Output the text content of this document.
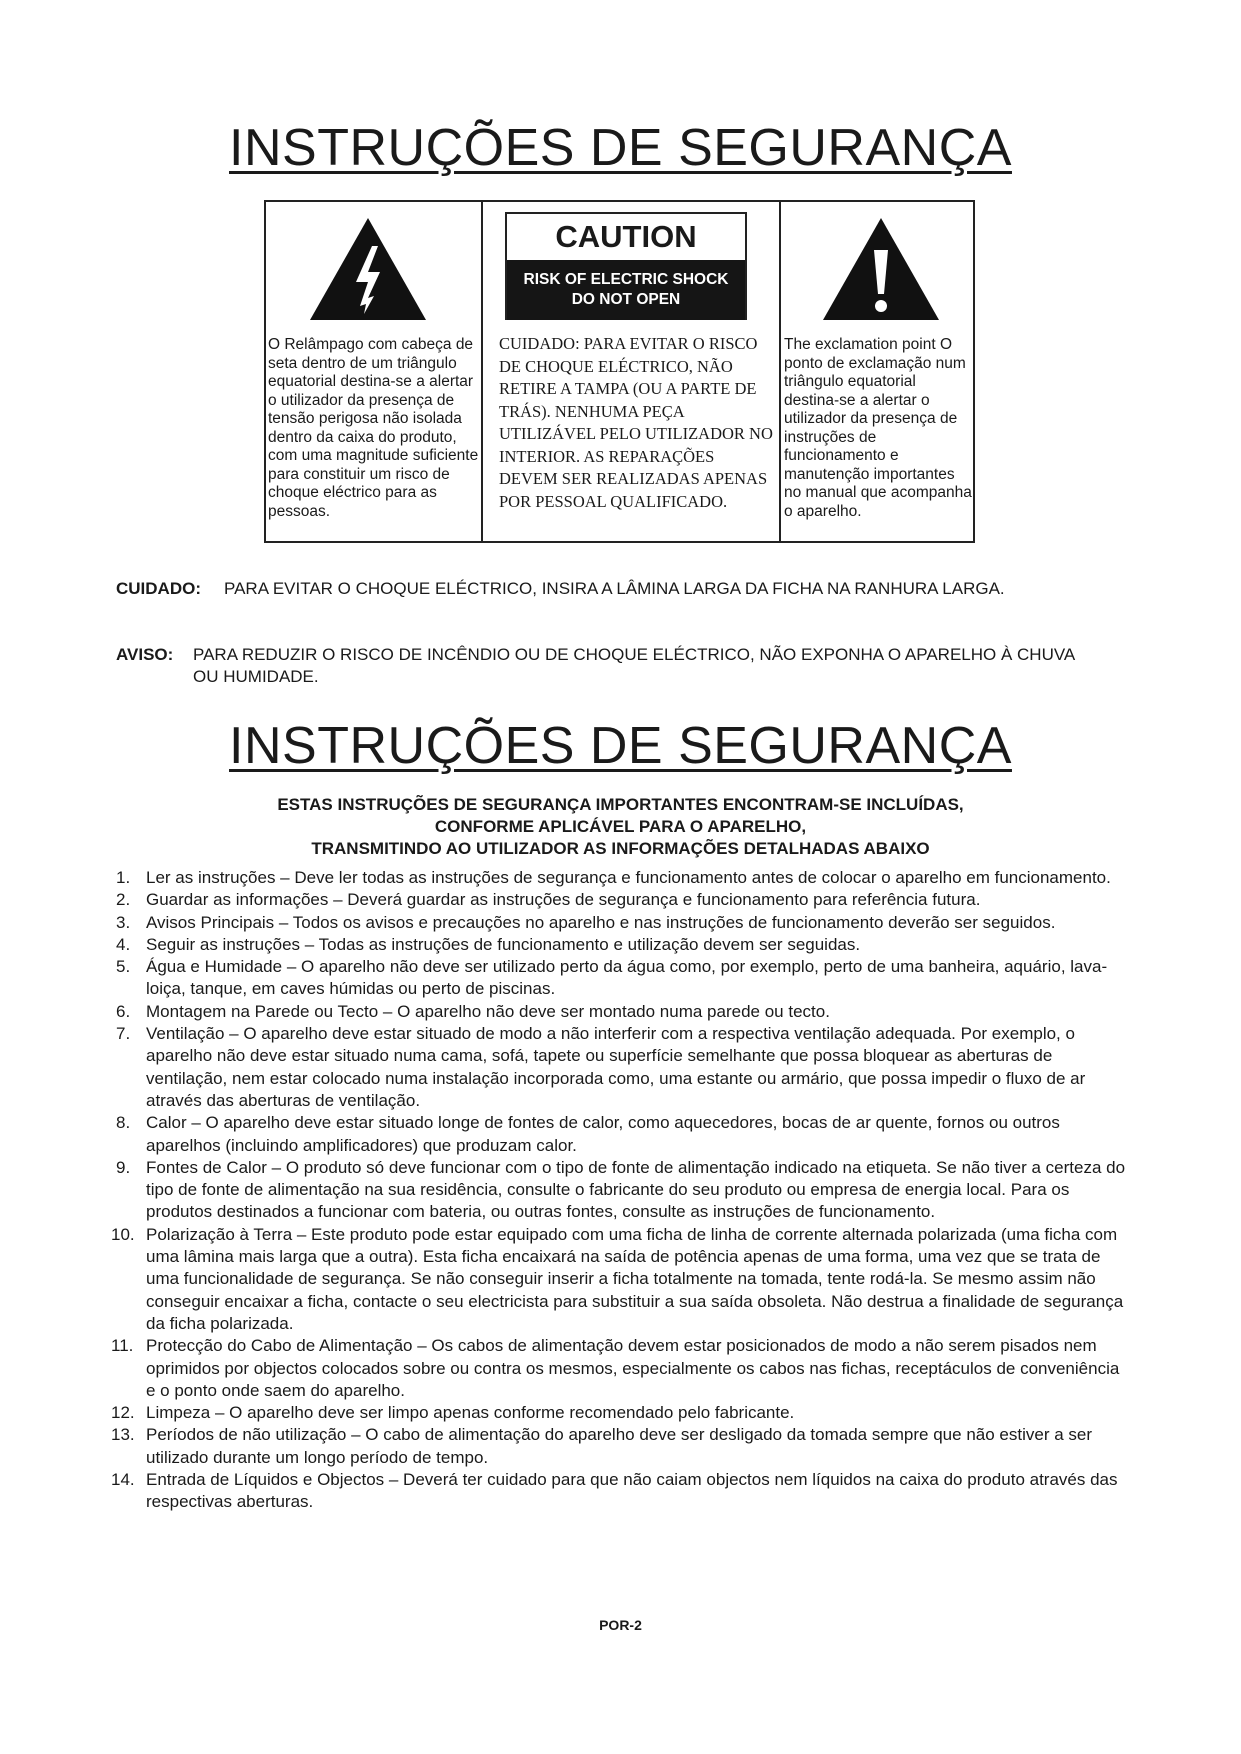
INSTRUÇÕES DE SEGURANÇA
O Relâmpago com cabeça de seta dentro de um triângulo equatorial destina-se a alertar o utilizador da presença de tensão perigosa não isolada dentro da caixa do produto, com uma magnitude suficiente para constituir um risco de choque eléctrico para as pessoas.
CAUTION
RISK OF ELECTRIC SHOCK
DO NOT OPEN
CUIDADO: PARA EVITAR O RISCO DE CHOQUE ELÉCTRICO, NÃO RETIRE A TAMPA (OU A PARTE DE TRÁS). NENHUMA PEÇA UTILIZÁVEL PELO UTILIZADOR NO INTERIOR. AS REPARAÇÕES DEVEM SER REALIZADAS APENAS POR PESSOAL QUALIFICADO.
The exclamation point O ponto de exclamação num triângulo equatorial destina-se a alertar o utilizador da presença de instruções de funcionamento e manutenção importantes no manual que acompanha o aparelho.
CUIDADO: PARA EVITAR O CHOQUE ELÉCTRICO, INSIRA A LÂMINA LARGA DA FICHA NA RANHURA LARGA.
AVISO: PARA REDUZIR O RISCO DE INCÊNDIO OU DE CHOQUE ELÉCTRICO, NÃO EXPONHA O APARELHO À CHUVA OU HUMIDADE.
INSTRUÇÕES DE SEGURANÇA
ESTAS INSTRUÇÕES DE SEGURANÇA IMPORTANTES ENCONTRAM-SE INCLUÍDAS,
CONFORME APLICÁVEL PARA O APARELHO,
TRANSMITINDO AO UTILIZADOR AS INFORMAÇÕES DETALHADAS ABAIXO
1. Ler as instruções – Deve ler todas as instruções de segurança e funcionamento antes de colocar o aparelho em funcionamento.
2. Guardar as informações – Deverá guardar as instruções de segurança e funcionamento para referência futura.
3. Avisos Principais – Todos os avisos e precauções no aparelho e nas instruções de funcionamento deverão ser seguidos.
4. Seguir as instruções – Todas as instruções de funcionamento e utilização devem ser seguidas.
5. Água e Humidade – O aparelho não deve ser utilizado perto da água como, por exemplo, perto de uma banheira, aquário, lava-loiça, tanque, em caves húmidas ou perto de piscinas.
6. Montagem na Parede ou Tecto – O aparelho não deve ser montado numa parede ou tecto.
7. Ventilação – O aparelho deve estar situado de modo a não interferir com a respectiva ventilação adequada. Por exemplo, o aparelho não deve estar situado numa cama, sofá, tapete ou superfície semelhante que possa bloquear as aberturas de ventilação, nem estar colocado numa instalação incorporada como, uma estante ou armário, que possa impedir o fluxo de ar através das aberturas de ventilação.
8. Calor – O aparelho deve estar situado longe de fontes de calor, como aquecedores, bocas de ar quente, fornos ou outros aparelhos (incluindo amplificadores) que produzam calor.
9. Fontes de Calor – O produto só deve funcionar com o tipo de fonte de alimentação indicado na etiqueta. Se não tiver a certeza do tipo de fonte de alimentação na sua residência, consulte o fabricante do seu produto ou empresa de energia local. Para os produtos destinados a funcionar com bateria, ou outras fontes, consulte as instruções de funcionamento.
10. Polarização à Terra – Este produto pode estar equipado com uma ficha de linha de corrente alternada polarizada (uma ficha com uma lâmina mais larga que a outra). Esta ficha encaixará na saída de potência apenas de uma forma, uma vez que se trata de uma funcionalidade de segurança. Se não conseguir inserir a ficha totalmente na tomada, tente rodá-la. Se mesmo assim não conseguir encaixar a ficha, contacte o seu electricista para substituir a sua saída obsoleta. Não destrua a finalidade de segurança da ficha polarizada.
11. Protecção do Cabo de Alimentação – Os cabos de alimentação devem estar posicionados de modo a não serem pisados nem oprimidos por objectos colocados sobre ou contra os mesmos, especialmente os cabos nas fichas, receptáculos de conveniência e o ponto onde saem do aparelho.
12. Limpeza – O aparelho deve ser limpo apenas conforme recomendado pelo fabricante.
13. Períodos de não utilização – O cabo de alimentação do aparelho deve ser desligado da tomada sempre que não estiver a ser utilizado durante um longo período de tempo.
14. Entrada de Líquidos e Objectos – Deverá ter cuidado para que não caiam objectos nem líquidos na caixa do produto através das respectivas aberturas.
POR-2
